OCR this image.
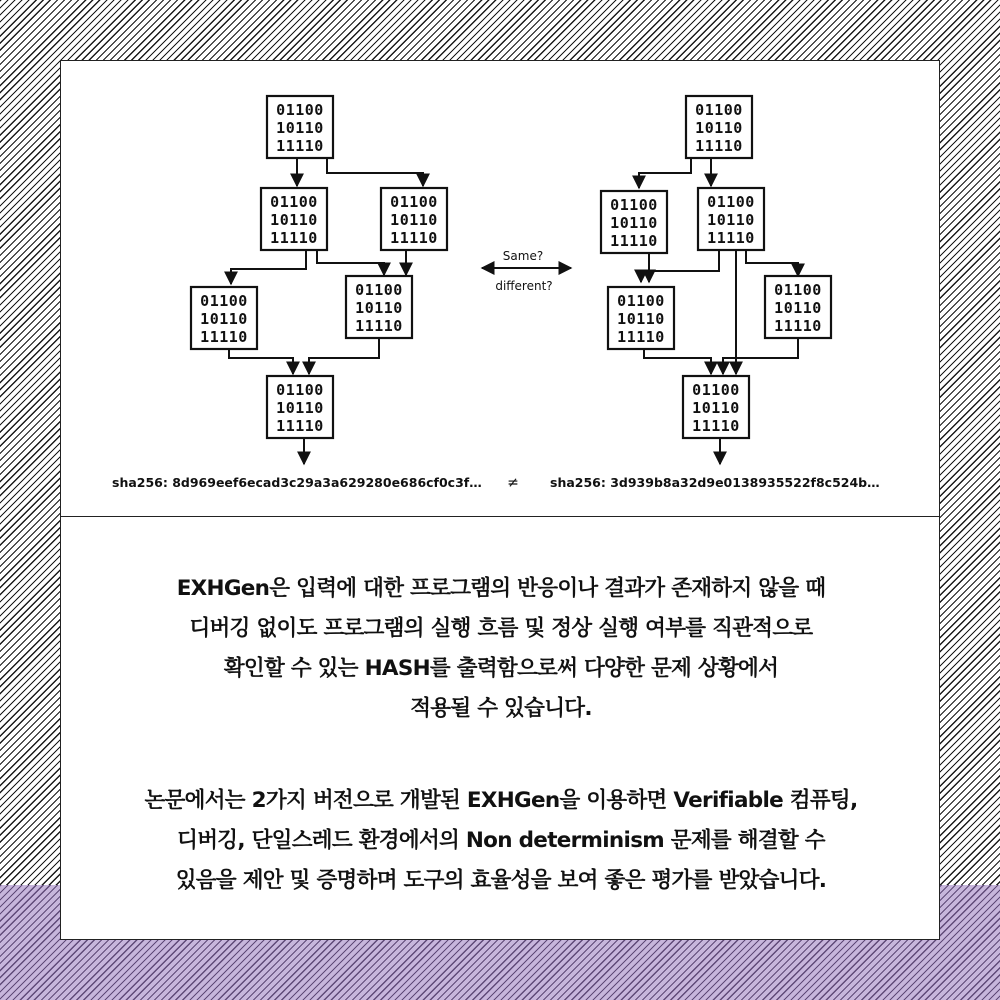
Same?
different?
01100
10110
11110
01100
10110
11110
01100
10110
11110
01100
10110
11110
01100
10110
11110
01100
10110
11110
01100
10110
11110
01100
10110
11110
01100
10110
11110
01100
10110
11110
01100
10110
11110
01100
10110
11110
sha256: 8d969eef6ecad3c29a3a629280e686cf0c3f… ≠ sha256: 3d939b8a32d9e0138935522f8c524b…
EXHGen은 입력에 대한 프로그램의 반응이나 결과가 존재하지 않을 때
디버깅 없이도 프로그램의 실행 흐름 및 정상 실행 여부를 직관적으로
확인할 수 있는 HASH를 출력함으로써 다양한 문제 상황에서
적용될 수 있습니다.
논문에서는 2가지 버전으로 개발된 EXHGen을 이용하면 Verifiable 컴퓨팅,
디버깅, 단일스레드 환경에서의 Non determinism 문제를 해결할 수
있음을 제안 및 증명하며 도구의 효율성을 보여 좋은 평가를 받았습니다.
